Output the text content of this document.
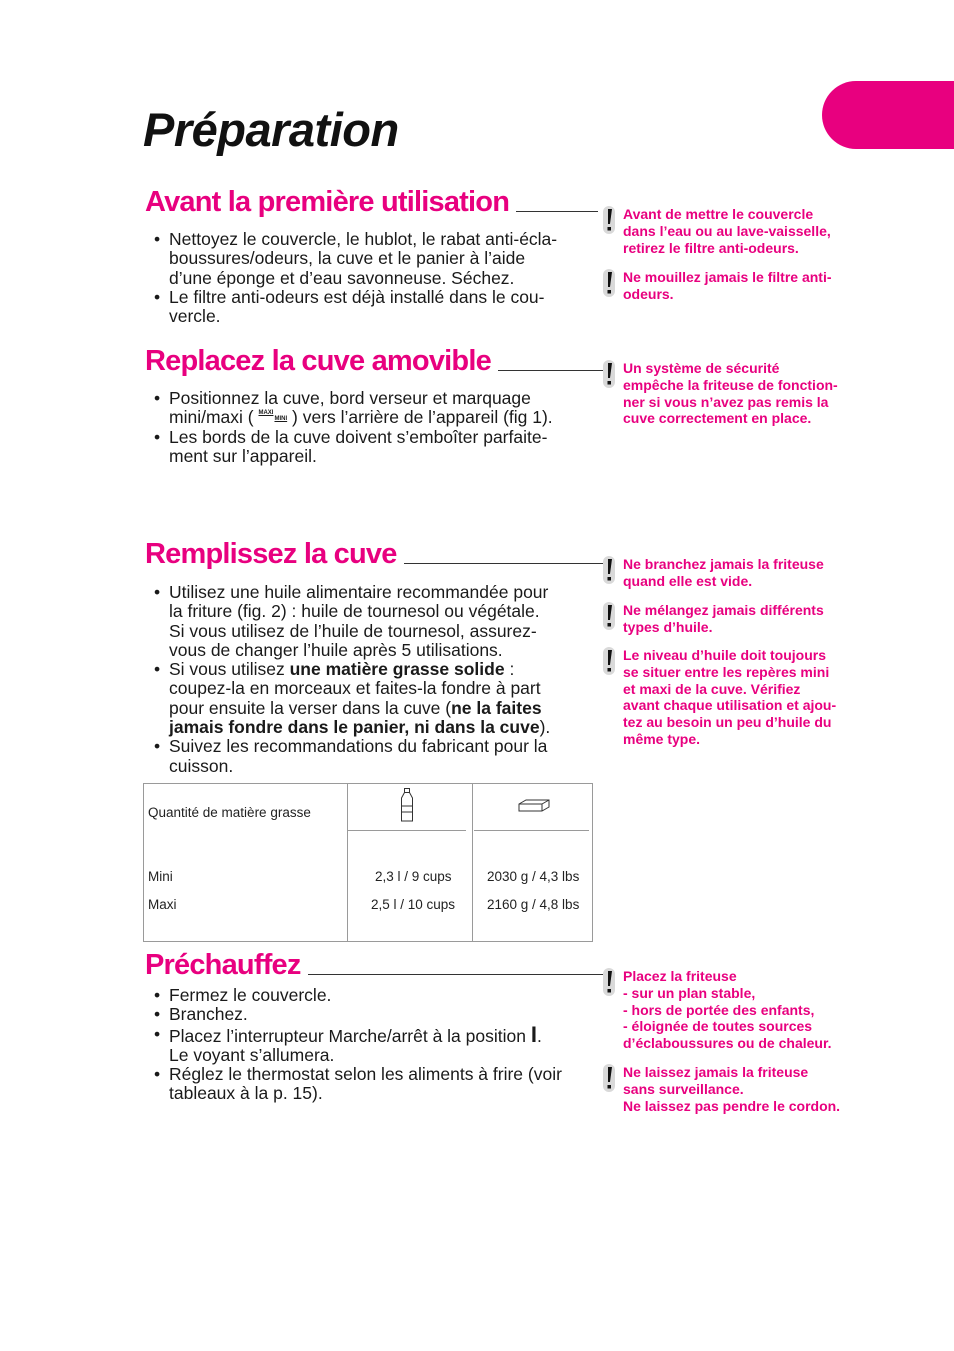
Préparation
Avant la première utilisation
• Nettoyez le couvercle, le hublot, le rabat anti-écla-
boussures/odeurs, la cuve et le panier à l’aide
d’une éponge et d’eau savonneuse. Séchez.
• Le filtre anti-odeurs est déjà installé dans le cou-
vercle.
Replacez la cuve amovible
• Positionnez la cuve, bord verseur et marquage
mini/maxi ( MAXI
MINI ) vers l’arrière de l’appareil (fig 1).
• Les bords de la cuve doivent s’emboîter parfaite-
ment sur l’appareil.
Remplissez la cuve
• Utilisez une huile alimentaire recommandée pour
la friture (fig. 2) : huile de tournesol ou végétale.
Si vous utilisez de l’huile de tournesol, assurez-
vous de changer l’huile après 5 utilisations.
• Si vous utilisez une matière grasse solide :
coupez-la en morceaux et faites-la fondre à part
pour ensuite la verser dans la cuve (ne la faites
jamais fondre dans le panier, ni dans la cuve).
• Suivez les recommandations du fabricant pour la
cuisson.
Quantité de matière grasse
Mini	2,3 l / 9 cups	2030 g / 4,3 lbs
Maxi	2,5 l / 10 cups 2160 g / 4,8 lbs
Préchauffez
• Fermez le couvercle.
• Branchez.
• Placez l’interrupteur Marche/arrêt à la position I.
Le voyant s’allumera.
• Réglez le thermostat selon les aliments à frire (voir
tableaux à la p. 15).
Avant de mettre le couvercle
dans l’eau ou au lave-vaisselle,
retirez le filtre anti-odeurs.
Ne mouillez jamais le filtre anti-
odeurs.
Un système de sécurité
empêche la friteuse de fonction-
ner si vous n’avez pas remis la
cuve correctement en place.
Ne branchez jamais la friteuse
quand elle est vide.
Ne mélangez jamais différents
types d’huile.
Le niveau d’huile doit toujours
se situer entre les repères mini
et maxi de la cuve. Vérifiez
avant chaque utilisation et ajou-
tez au besoin un peu d’huile du
même type.
Placez la friteuse
- sur un plan stable,
- hors de portée des enfants,
- éloignée de toutes sources
d’éclaboussures ou de chaleur.
Ne laissez jamais la friteuse
sans surveillance.
Ne laissez pas pendre le cordon.
